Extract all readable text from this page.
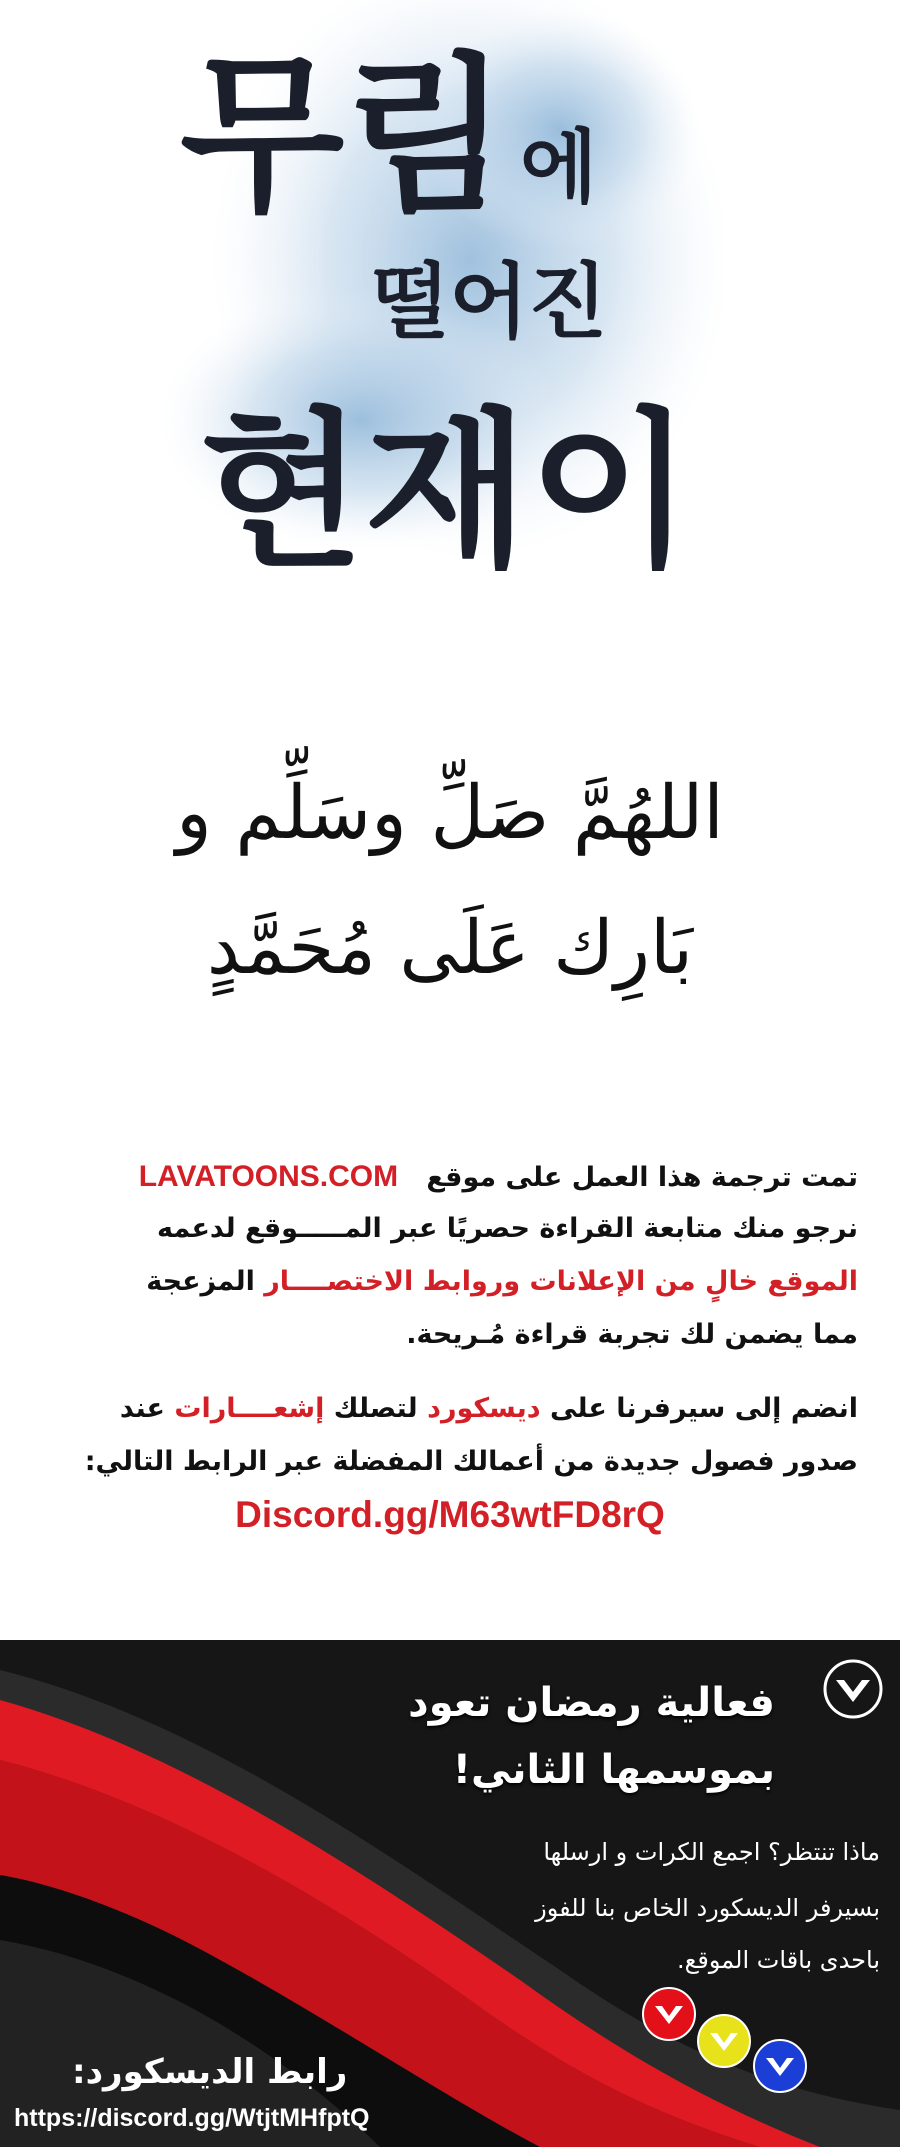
무림 에
떨어진
현재이
اللهُمَّ صَلِّ وسَلِّم و
بَارِك عَلَى مُحَمَّدٍ
تمت ترجمة هذا العمل على موقع   LAVATOONS.COM
نرجو منك متابعة القراءة حصريًا عبر المـــــوقع لدعمه
الموقع خالٍ من الإعلانات وروابط الاختصــــار المزعجة
مما يضمن لك تجربة قراءة مُـريحة.
انضم إلى سيرفرنا على ديسكورد لتصلك إشعــــارات عند
صدور فصول جديدة من أعمالك المفضلة عبر الرابط التالي:
Discord.gg/M63wtFD8rQ
فعالية رمضان تعود
بموسمها الثاني!
ماذا تنتظر؟ اجمع الكرات و ارسلها
بسيرفر الديسكورد الخاص بنا للفوز
باحدى باقات الموقع.
رابط الديسكورد:
https://discord.gg/WtjtMHfptQ
